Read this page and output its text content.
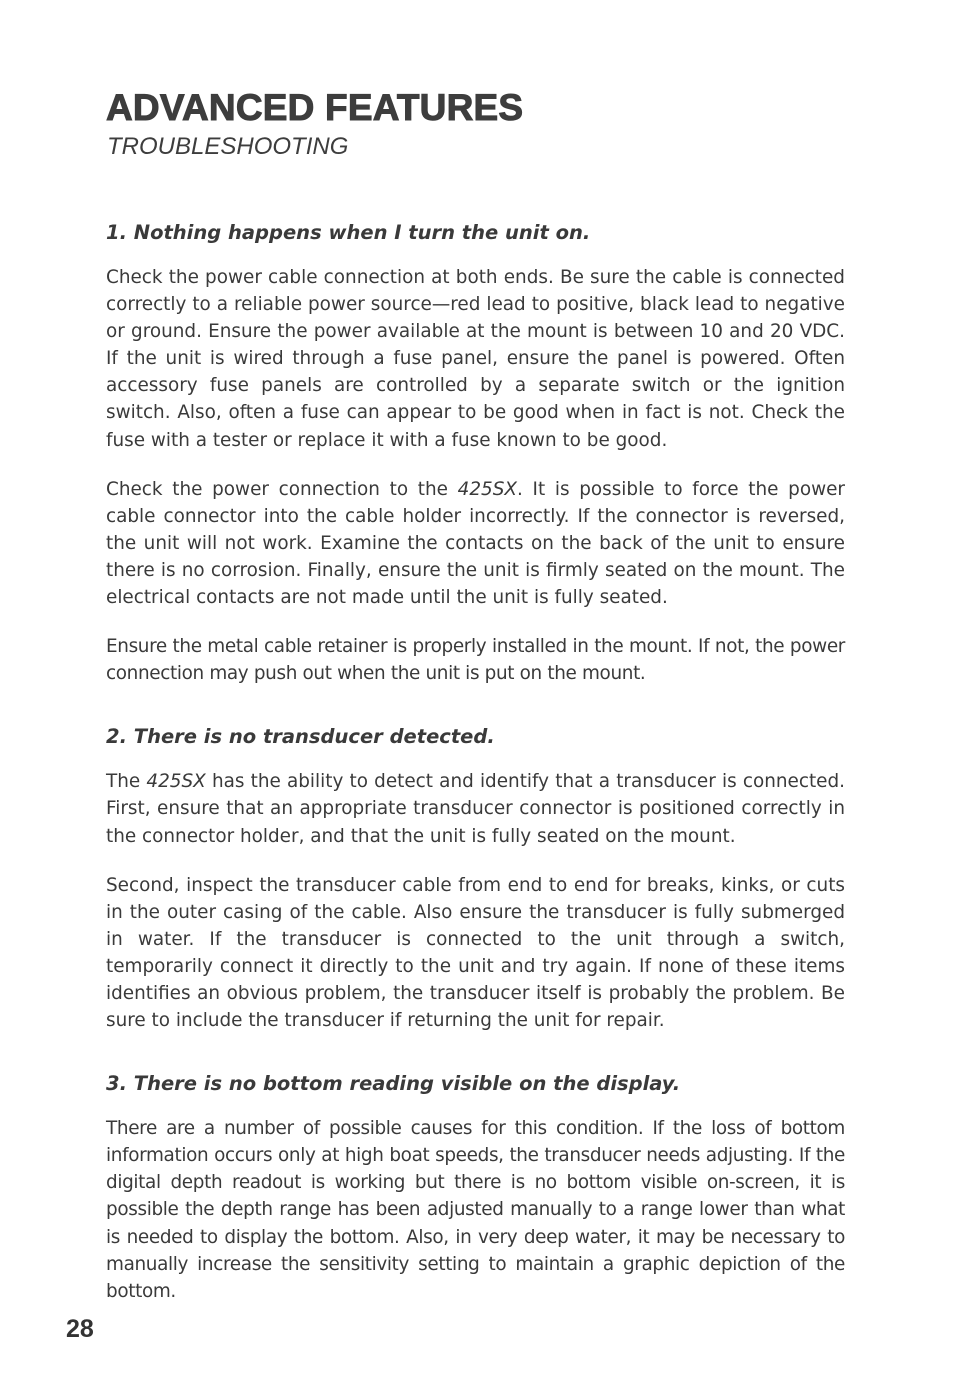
ADVANCED FEATURES
TROUBLESHOOTING
1. Nothing happens when I turn the unit on.

Check the power cable connection at both ends. Be sure the cable is connected correctly to a reliable power source—red lead to positive, black lead to negative or ground. Ensure the power available at the mount is between 10 and 20 VDC. If the unit is wired through a fuse panel, ensure the panel is powered. Often accessory fuse panels are controlled by a separate switch or the ignition switch. Also, often a fuse can appear to be good when in fact is not. Check the fuse with a tester or replace it with a fuse known to be good.

Check the power connection to the 425SX. It is possible to force the power cable connector into the cable holder incorrectly. If the connector is reversed, the unit will not work. Examine the contacts on the back of the unit to ensure there is no corrosion. Finally, ensure the unit is firmly seated on the mount. The electrical contacts are not made until the unit is fully seated.

Ensure the metal cable retainer is properly installed in the mount. If not, the power connection may push out when the unit is put on the mount.

2. There is no transducer detected.

The 425SX has the ability to detect and identify that a transducer is connected. First, ensure that an appropriate transducer connector is positioned correctly in the connector holder, and that the unit is fully seated on the mount.

Second, inspect the transducer cable from end to end for breaks, kinks, or cuts in the outer casing of the cable. Also ensure the transducer is fully submerged in water. If the transducer is connected to the unit through a switch, temporarily connect it directly to the unit and try again. If none of these items identifies an obvious problem, the transducer itself is probably the problem. Be sure to include the transducer if returning the unit for repair.

3. There is no bottom reading visible on the display.

There are a number of possible causes for this condition. If the loss of bottom information occurs only at high boat speeds, the transducer needs adjusting. If the digital depth readout is working but there is no bottom visible on-screen, it is possible the depth range has been adjusted manually to a range lower than what is needed to display the bottom. Also, in very deep water, it may be necessary to manually increase the sensitivity setting to maintain a graphic depiction of the bottom.

28
